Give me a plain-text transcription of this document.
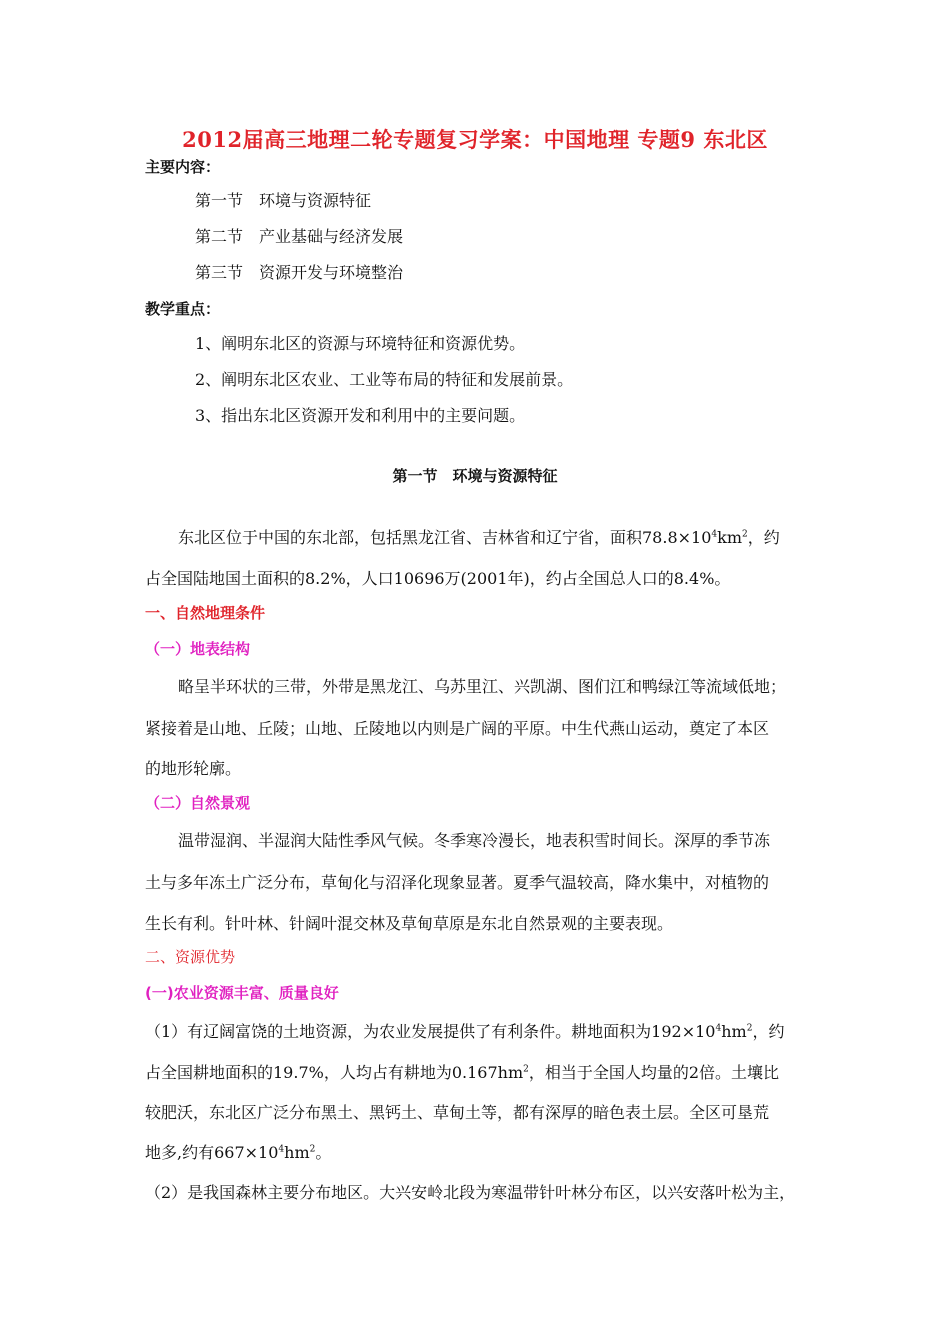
2012届高三地理二轮专题复习学案：中国地理 专题9 东北区
主要内容：
第一节　环境与资源特征
第二节　产业基础与经济发展
第三节　资源开发与环境整治
教学重点：
1、阐明东北区的资源与环境特征和资源优势。
2、阐明东北区农业、工业等布局的特征和发展前景。
3、指出东北区资源开发和利用中的主要问题。
第一节　环境与资源特征
东北区位于中国的东北部，包括黑龙江省、吉林省和辽宁省，面积$78.8\times 10^4km^2$，约
占全国陆地国土面积的8.2%，人口10696万(2001年)，约占全国总人口的8.4%。
一、自然地理条件
（一）地表结构
略呈半环状的三带，外带是黑龙江、乌苏里江、兴凯湖、图们江和鸭绿江等流域低地；
紧接着是山地、丘陵；山地、丘陵地以内则是广阔的平原。中生代燕山运动，奠定了本区
的地形轮廓。
（二）自然景观
温带湿润、半湿润大陆性季风气候。冬季寒冷漫长，地表积雪时间长。深厚的季节冻
土与多年冻土广泛分布，草甸化与沼泽化现象显著。夏季气温较高，降水集中，对植物的
生长有利。针叶林、针阔叶混交林及草甸草原是东北自然景观的主要表现。
二、资源优势
(一)农业资源丰富、质量良好
（1）有辽阔富饶的土地资源，为农业发展提供了有利条件。耕地面积为$192\times 10^4hm^2$，约
占全国耕地面积的19.7%，人均占有耕地为$0.167hm^2$，相当于全国人均量的2倍。土壤比
较肥沃，东北区广泛分布黑土、黑钙土、草甸土等，都有深厚的暗色表土层。全区可垦荒
地多,约有$667\times 10^4hm^2$。
（2）是我国森林主要分布地区。大兴安岭北段为寒温带针叶林分布区，以兴安落叶松为主，
